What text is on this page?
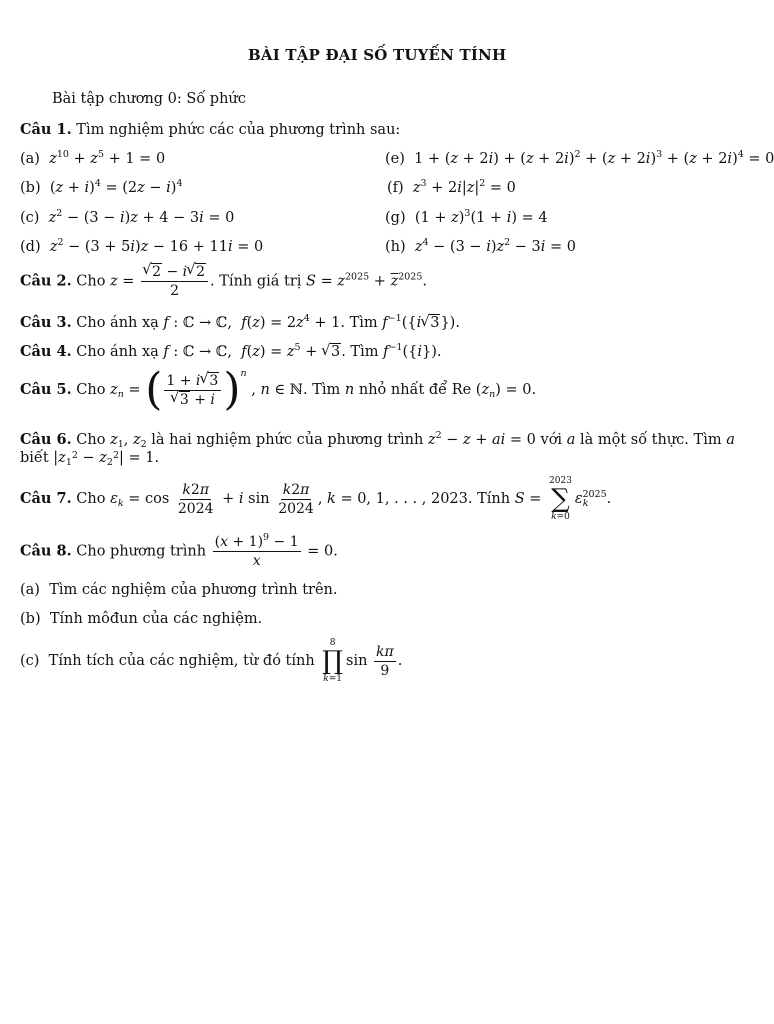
BÀI TẬP ĐẠI SỐ TUYẾN TÍNH
Bài tập chương 0: Số phức
Câu 1. Tìm nghiệm phức các của phương trình sau:
(a) $z^{10} + z^5 + 1 = 0$	(e) $1 + (z + 2i) + (z + 2i)^2 + (z + 2i)^3 + (z + 2i)^4 = 0$
(b) $(z + i)^4 = (2z - i)^4$	(f) $z^3 + 2i|z|^2 = 0$
(c) $z^2 - (3 - i)z + 4 - 3i = 0$	(g) $(1 + z)^3(1 + i) = 4$
(d) $z^2 - (3 + 5i)z - 16 + 11i = 0$	(h) $z^4 - (3 - i)z^2 - 3i = 0$
Câu 2. Cho z = √ $\frac{2 - i √ 2}{2}$ . Tính giá trị $S = z^{2025} + \overline{z}^{2025}$.
Câu 3. Cho ánh xạ f : ℂ → ℂ,  $f(z) = 2z^4 + 1$. Tìm $f^{-1}(\{i$ √ 3}).
Câu 4. Cho ánh xạ f : ℂ → ℂ,  $f(z) = z^5$ + √ 3. Tìm $f^{-1}(\{i\})$.
Câu 5. Cho $z_n$ = ( 1 + i √ 3
√ 3 + i )$^n$ , n ∈ ℕ. Tìm n nhỏ nhất để Re $(z_n) = 0$.
Câu 6. Cho $z_1$, $z_2$ là hai nghiệm phức của phương trình $z^2 - z$ + ai = 0 với a là một số thực. Tìm a biết $|z_1^2 - z_2^2| = 1$.
Câu 7. Cho $\varepsilon_k = \cos \frac{k2\pi}{2024} + i$ $\sin \frac{k2\pi}{2024}$ , k = 0, 1, . . . , 2023. Tính S =
2023
∑
k=0
$\varepsilon_k^{2025}$.
Câu 8. Cho phương trình $\frac{(x + 1)^9 - 1}{x} = 0$.
(a) Tìm các nghiệm của phương trình trên.
(b) Tính môđun của các nghiệm.
(c) Tính tích của các nghiệm, từ đó tính
8
∏
k=1
$\sin \frac{k\pi}{9}$ .
